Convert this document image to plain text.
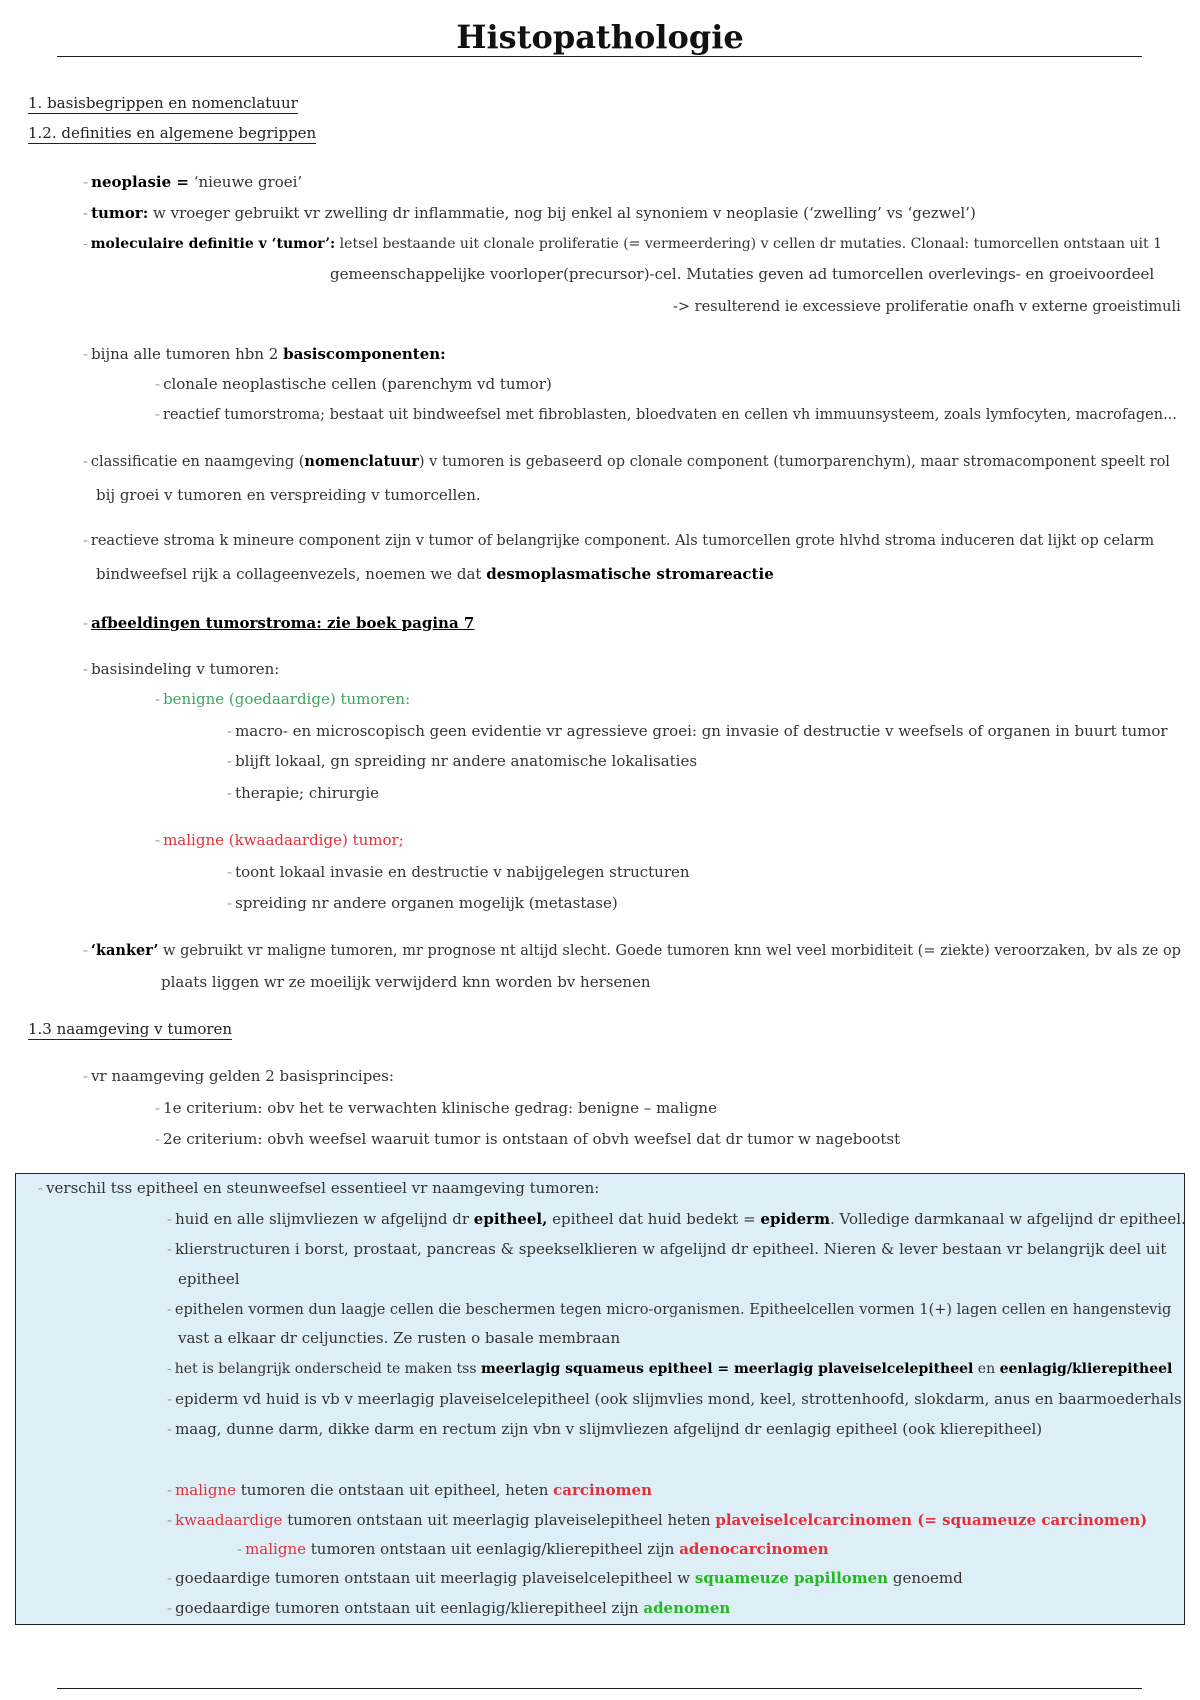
Histopathologie
1. basisbegrippen en nomenclatuur
1.2. definities en algemene begrippen
- neoplasie = ‘nieuwe groei’
- tumor: w vroeger gebruikt vr zwelling dr inflammatie, nog bij enkel al synoniem v neoplasie (‘zwelling’ vs ‘gezwel’)
- moleculaire definitie v ‘tumor’: letsel bestaande uit clonale proliferatie (= vermeerdering) v cellen dr mutaties. Clonaal: tumorcellen ontstaan uit 1
gemeenschappelijke voorloper(precursor)-cel. Mutaties geven ad tumorcellen overlevings- en groeivoordeel
-> resulterend ie excessieve proliferatie onafh v externe groeistimuli
- bijna alle tumoren hbn 2 basiscomponenten:
- clonale neoplastische cellen (parenchym vd tumor)
- reactief tumorstroma; bestaat uit bindweefsel met fibroblasten, bloedvaten en cellen vh immuunsysteem, zoals lymfocyten, macrofagen...
- classificatie en naamgeving (nomenclatuur) v tumoren is gebaseerd op clonale component (tumorparenchym), maar stromacomponent speelt rol
bij groei v tumoren en verspreiding v tumorcellen.
- reactieve stroma k mineure component zijn v tumor of belangrijke component. Als tumorcellen grote hlvhd stroma induceren dat lijkt op celarm
bindweefsel rijk a collageenvezels, noemen we dat desmoplasmatische stromareactie
- afbeeldingen tumorstroma: zie boek pagina 7
- basisindeling v tumoren:
- benigne (goedaardige) tumoren:
- macro- en microscopisch geen evidentie vr agressieve groei: gn invasie of destructie v weefsels of organen in buurt tumor
- blijft lokaal, gn spreiding nr andere anatomische lokalisaties
- therapie; chirurgie
- maligne (kwaadaardige) tumor;
- toont lokaal invasie en destructie v nabijgelegen structuren
- spreiding nr andere organen mogelijk (metastase)
- ‘kanker’ w gebruikt vr maligne tumoren, mr prognose nt altijd slecht. Goede tumoren knn wel veel morbiditeit (= ziekte) veroorzaken, bv als ze op
plaats liggen wr ze moeilijk verwijderd knn worden bv hersenen
1.3 naamgeving v tumoren
- vr naamgeving gelden 2 basisprincipes:
- 1e criterium: obv het te verwachten klinische gedrag: benigne – maligne
- 2e criterium: obvh weefsel waaruit tumor is ontstaan of obvh weefsel dat dr tumor w nagebootst
- verschil tss epitheel en steunweefsel essentieel vr naamgeving tumoren:
- huid en alle slijmvliezen w afgelijnd dr epitheel, epitheel dat huid bedekt = epiderm. Volledige darmkanaal w afgelijnd dr epitheel.
- klierstructuren i borst, prostaat, pancreas & speekselklieren w afgelijnd dr epitheel. Nieren & lever bestaan vr belangrijk deel uit
epitheel
- epithelen vormen dun laagje cellen die beschermen tegen micro-organismen. Epitheelcellen vormen 1(+) lagen cellen en hangenstevig
vast a elkaar dr celjuncties. Ze rusten o basale membraan
- het is belangrijk onderscheid te maken tss meerlagig squameus epitheel = meerlagig plaveiselcelepitheel en eenlagig/klierepitheel
- epiderm vd huid is vb v meerlagig plaveiselcelepitheel (ook slijmvlies mond, keel, strottenhoofd, slokdarm, anus en baarmoederhals
- maag, dunne darm, dikke darm en rectum zijn vbn v slijmvliezen afgelijnd dr eenlagig epitheel (ook klierepitheel)
- maligne tumoren die ontstaan uit epitheel, heten carcinomen
- kwaadaardige tumoren ontstaan uit meerlagig plaveiselepitheel heten plaveiselcelcarcinomen (= squameuze carcinomen)
- maligne tumoren ontstaan uit eenlagig/klierepitheel zijn adenocarcinomen
- goedaardige tumoren ontstaan uit meerlagig plaveiselcelepitheel w squameuze papillomen genoemd
- goedaardige tumoren ontstaan uit eenlagig/klierepitheel zijn adenomen
